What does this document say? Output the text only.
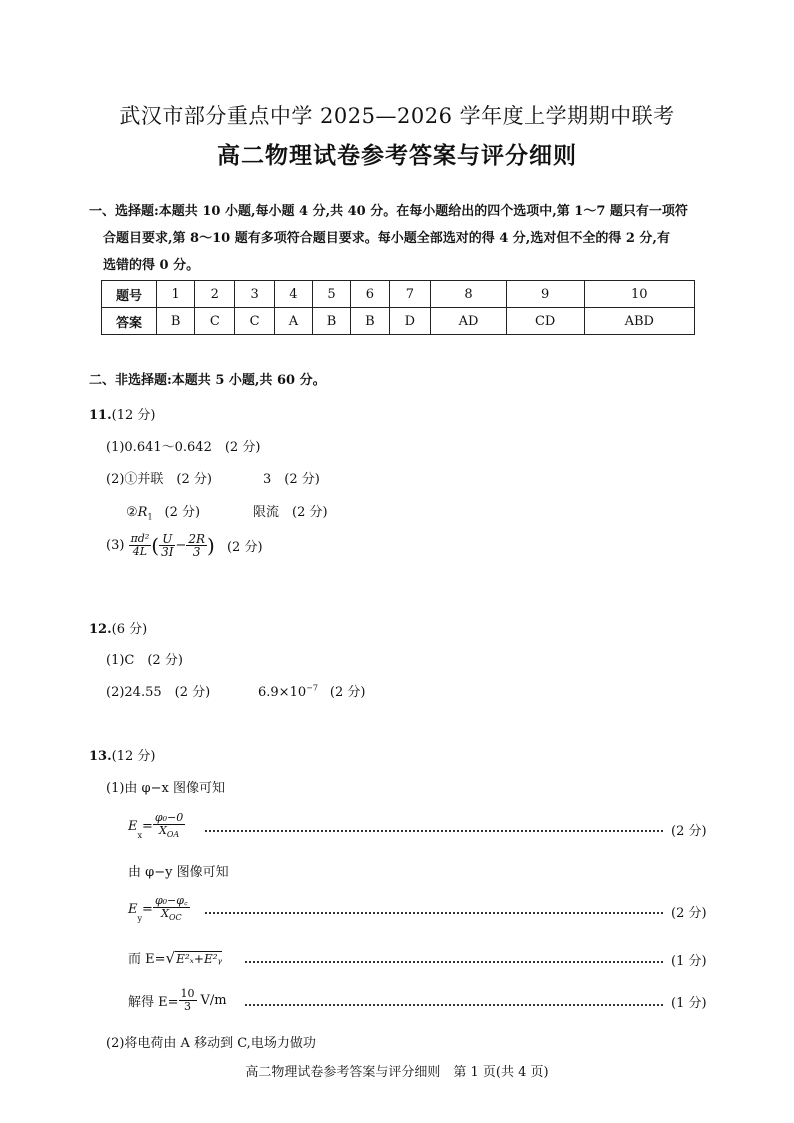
武汉市部分重点中学 2025—2026 学年度上学期期中联考
高二物理试卷参考答案与评分细则
一、选择题:本题共 10 小题,每小题 4 分,共 40 分。在每小题给出的四个选项中,第 1～7 题只有一项符

合题目要求,第 8～10 题有多项符合题目要求。每小题全部选对的得 4 分,选对但不全的得 2 分,有
选错的得 0 分。
题号	1	2	3	4	5	6	7	8	9	10
答案	B	C	C	A	B	B	D	AD	CD	ABD
二、非选择题:本题共 5 小题,共 60 分。
11.(12 分)
(1)0.641～0.642　(2 分)
(2)①并联　(2 分)	3　(2 分)
$②R_1$ (2 分)	限流　(2 分)
$(3) \frac{\text{πd²}}{4L}$ ( $\frac{U}{3I} - \frac{2R}{3}$ ) (2 分)
12.(6 分)
(1)C　(2 分)
(2)24.55　(2 分)	$6.9\times 10^{-7}$ (2 分)
13.(12 分)
(1)由 φ−x 图像可知
$E_x= \frac{\text{φ₀−0}}{X_{OA}}$	(2 分)
由 φ−y 图像可知
$E_y= \frac{\text{φ₀−φ꜀}}{X_{OC}}$	(2 分)
而 E=√E²ₓ+E²ᵧ	(1 分)
解得 $E= \frac{10}{3} V/m$	(1 分)
(2)将电荷由 A 移动到 C,电场力做功
高二物理试卷参考答案与评分细则　第 1 页(共 4 页)
